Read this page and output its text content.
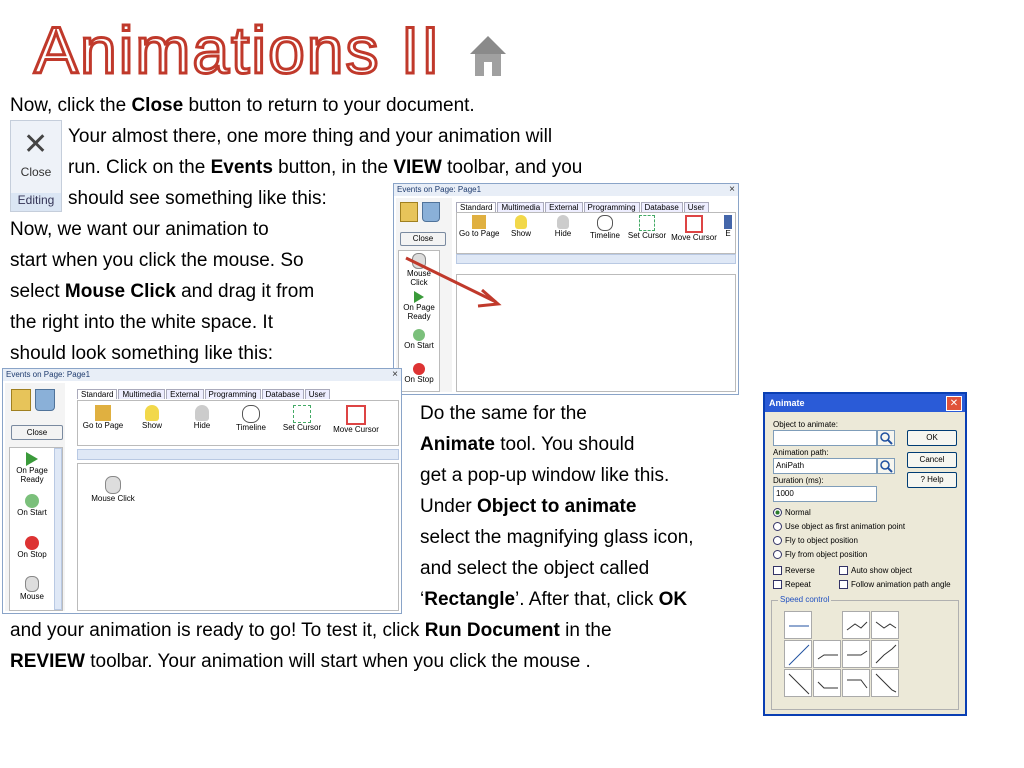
Animations II
Now, click the Close button to return to your document.
✕
Close
Editing
Your almost there, one more thing and your animation will
run. Click on the Events button, in the VIEW toolbar, and you
should see something like this:
Now, we want our animation to
start when you click the mouse. So
select Mouse Click and drag it from
the right into the white space. It
should look something like this:
Events on Page: Page1	×
Close
Mouse Click
On Page Ready
On Start
On Stop
Standard	Multimedia	External	Programming	Database	User
Go to Page	Show	Hide	Timeline Set Cursor Move Cursor E
Events on Page: Page1	×
Close
On Page Ready
On Start
On Stop
Mouse
Standard	Multimedia	External	Programming	Database	User
Go to Page	Show	Hide	Timeline	Set Cursor	Move Cursor
Mouse Click
Do the same for the
Animate tool. You should
get a pop-up window like this.
Under Object to animate
select the magnifying glass icon,
and select the object called
‘Rectangle’. After that, click OK
and your animation is ready to go! To test it, click Run Document in the
REVIEW toolbar. Your animation will start when you click the mouse .
Animate	✕
Object to animate:
OK
Animation path:
AniPath
Cancel
Duration (ms):
1000
? Help
Normal
Use object as first animation point
Fly to object position
Fly from object position
Reverse	Auto show object
Repeat	Follow animation path angle
Speed control
